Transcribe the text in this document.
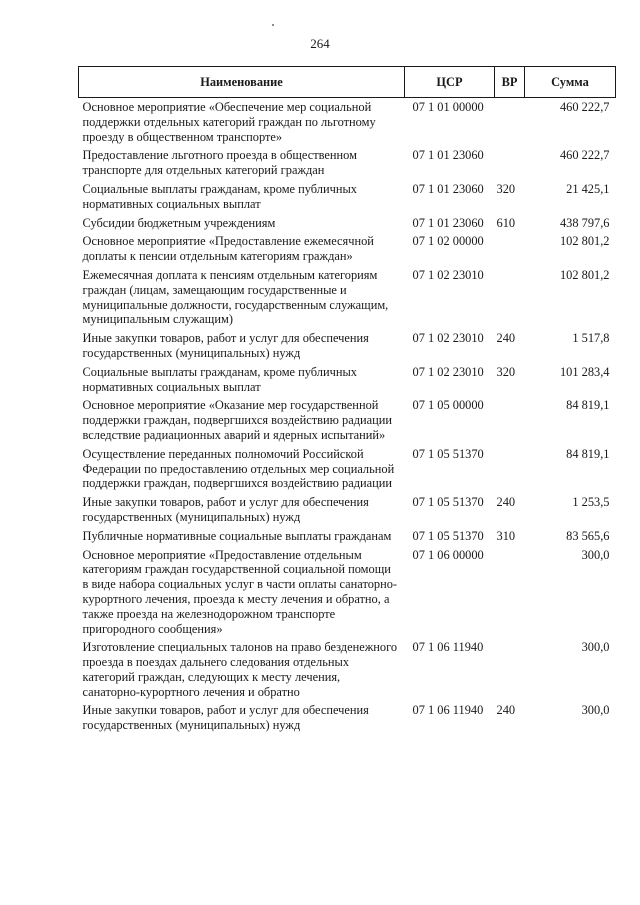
264
Наименование	ЦСР	ВР	Сумма
Основное мероприятие «Обеспечение мер социальной поддержки отдельных категорий граждан по льготному проезду в общественном транспорте»	07 1 01 00000		460 222,7
Предоставление льготного проезда в общественном транспорте для отдельных категорий граждан	07 1 01 23060		460 222,7
Социальные выплаты гражданам, кроме публичных нормативных социальных выплат	07 1 01 23060	320	21 425,1
Субсидии бюджетным учреждениям	07 1 01 23060	610	438 797,6
Основное мероприятие «Предоставление ежемесячной доплаты к пенсии отдельным категориям граждан»	07 1 02 00000		102 801,2
Ежемесячная доплата к пенсиям отдельным категориям граждан (лицам, замещающим государственные и муниципальные должности, государственным служащим, муниципальным служащим)	07 1 02 23010		102 801,2
Иные закупки товаров, работ и услуг для обеспечения государственных (муниципальных) нужд	07 1 02 23010	240	1 517,8
Социальные выплаты гражданам, кроме публичных нормативных социальных выплат	07 1 02 23010	320	101 283,4
Основное мероприятие «Оказание мер государственной поддержки граждан, подвергшихся воздействию радиации вследствие радиационных аварий и ядерных испытаний»	07 1 05 00000		84 819,1
Осуществление переданных полномочий Российской Федерации по предоставлению отдельных мер социальной поддержки граждан, подвергшихся воздействию радиации	07 1 05 51370		84 819,1
Иные закупки товаров, работ и услуг для обеспечения государственных (муниципальных) нужд	07 1 05 51370	240	1 253,5
Публичные нормативные социальные выплаты гражданам	07 1 05 51370	310	83 565,6
Основное мероприятие «Предоставление отдельным категориям граждан государственной социальной помощи в виде набора социальных услуг в части оплаты санаторно-курортного лечения, проезда к месту лечения и обратно, а также проезда на железнодорожном транспорте пригородного сообщения»	07 1 06 00000		300,0
Изготовление специальных талонов на право безденежного проезда в поездах дальнего следования отдельных категорий граждан, следующих к месту лечения, санаторно-курортного лечения и обратно	07 1 06 11940		300,0
Иные закупки товаров, работ и услуг для обеспечения государственных (муниципальных) нужд	07 1 06 11940	240	300,0
